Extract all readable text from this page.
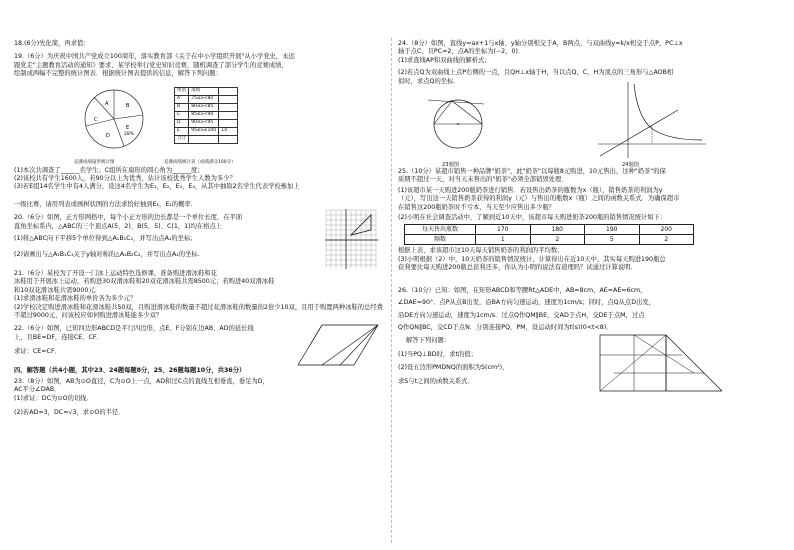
18.(6分)先化简，再求值：
19.（6分）为庆祝中国共产党成立100周年，落实教育部《关于在中小学组织开展"从小学党史，永远
跟党走"主题教育活动的通知》要求，某学校举行党史知识竞赛，随机调查了部分学生的竞赛成绩，
绘制成两幅不完整的统计图表．根据统计图表提供的信息，解答下列问题：
A	B
C
D
E
28%
组别	成绩	
A	75≤x<80	
B	80≤x<85	
C	85≤x<90	
D	90≤x<95	
E	95≤x≤100	14
合计		
竞赛成绩扇形统计图	竞赛成绩统计表（成绩满分100分）
(1)本次共调查了______名学生；C组所在扇形的圆心角为______度；
(2)该校共有学生1600人，若90分以上为优秀，估计该校优秀学生人数为多少？
(3)若E组14名学生中有4人满分，设这4名学生为E₁，E₂，E₃，E₄，从其中抽取2名学生代表学校参加上
一级比赛，请用列表或画树状图的方法求恰好抽到E₁，E₂的概率．
20.（6分）如图，正方形网格中，每个小正方形的边长都是一个单位长度，在平面
直角坐标系内，△ABC的三个顶点A(5，2)、B(5，5)、C(1，1)均在格点上
(1)将△ABC向下平移5个单位得到△A₁B₁C₁，并写出点A₁的坐标；
(2)请画出与△A₁B₁C₁关于y轴对称的△A₂B₂C₂，并写出点A₂的坐标.
21.（6分）某校为了开设一门冰上运动特色选修课，准备购进滑冰鞋和花
冰鞋用于开展冰上运动，若购进30双滑冰鞋和20双花滑冰鞋共需8500元；若购进40双滑冰鞋
和10双花滑冰鞋共需9000元．
(1)求滑冰鞋和花滑冰鞋的单价各为多少元？
(2)学校决定购进滑冰鞋和花滑冰鞋共50双，且购进滑冰鞋的数量不超过花滑冰鞋的数量的2倍少10双，且用于购置两种冰鞋的总经费
不超过9000元，问该校应如何购进滑冰鞋能多少双？
22.（6分）如图，已知四边形ABCD是平行四边形，点E、F分别在边AB、AD的延长线
上，且BE=DF，连接CE、CF．
求证：CE=CF．
四、解答题（共4小题，其中23、24题每题8分，25、26题每题10分，共36分）
23.（8分）如图，AB为⊙O直径，C为⊙O上一点，AD和过C点的直线互相垂直，垂足为D，
AC平分∠DAB．
(1)求证：DC为⊙O的切线．
(2)若AD=3，DC=√3，求⊙O的半径．
24.（8分）如图，直线y=ax+1与x轴、y轴分别相交于A，B两点，与双曲线y=k/x相交于点P，PC⊥x
轴于点C，且PC=2，点A的坐标为(−2，0)．
(1)求直线AP和双曲线的解析式；
(2)若点Q为双曲线上点P右侧的一点，且QH⊥x轴于H，当以点Q，C，H为顶点的三角形与△AOB相
似时，求点Q的坐标．
23题图	24题图
25.（10分）某超市销售一种品牌"奶茶"，此"奶茶"以每瓶8元购进，10元售出，这种"奶茶"的保
质期不超过一天，对当天未售出的"奶茶"必须全部销毁处理．
(1)该超市某一天购进200瓶奶茶进行销售．若设售出奶茶的瓶数为x（瓶），销售奶茶的利润为y
（元），写出这一天销售奶茶获得的利润y（元）与售出的瓶数x（瓶）之间的函数关系式．为确保超市
在销售这200瓶奶茶时不亏本，当天至少应售出多少瓶？
(2)小明在社会调查活动中，了解到近10天中，该超市每天购进奶茶200瓶的销售情况统计如下：
每天售出瓶数	170	180	190	200
频数	1	2	5	2
根据上表，求该超市这10天每天销售奶茶的利润的平均数；
(3)小明根据（2）中，10天奶茶的销售情况统计，计算得出在近10天中，其实每天购进190瓶总
获利要比每天购进200瓶总获利还多，你认为小明的说法有道理吗？试通过计算说明.
26.（10分）已知：如图，在矩形ABCD和等腰Rt△ADE中，AB=8cm，AE=AE=6cm，
∠DAE=90°．点P从点B出发，沿BA方向匀速运动，速度为1cm/s；同时，点Q从点D出发，
沿DE方向匀速运动，速度为1cm/s．过点Q作QM∥BE，交AD于点H，交DE于点M，过点
Q作QN∥BC，交CD于点N．分别连接PQ，PM，设运动时间为t(s)(0<t<8)．
解答下列问题：
(1)当PQ⊥BD时，求t的值；
(2)设五边形PMDNQ的面积为S(cm²)，
求S与t之间的函数关系式．
